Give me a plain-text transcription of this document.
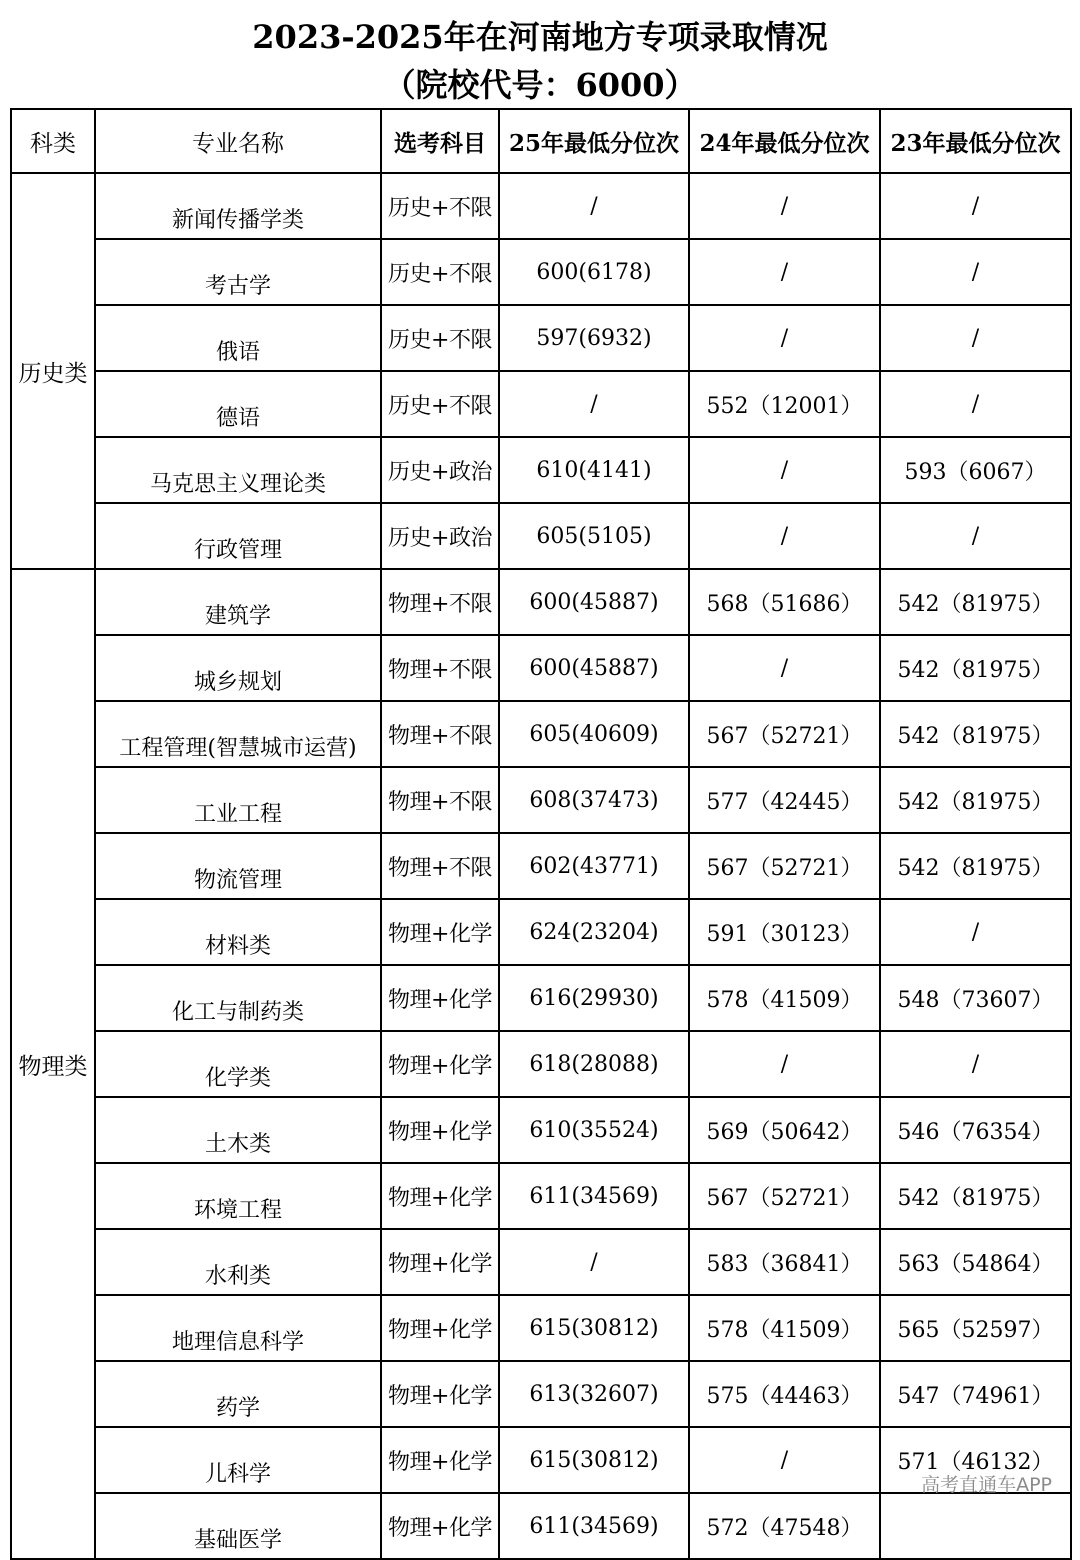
2023-2025年在河南地方专项录取情况
（院校代号：6000）
科类	专业名称	选考科目	25年最低分位次	24年最低分位次	23年最低分位次
历史类	新闻传播学类	历史+不限	/	/	/

	考古学	历史+不限	600(6178)	/	/

	俄语	历史+不限	597(6932)	/	/

	德语	历史+不限	/	552（12001）	/

	马克思主义理论类	历史+政治	610(4141)	/	593（6067）

	行政管理	历史+政治	605(5105)	/	/
物理类	建筑学	物理+不限	600(45887)	568（51686）	542（81975）

	城乡规划	物理+不限	600(45887)	/	542（81975）

	工程管理(智慧城市运营)	物理+不限	605(40609)	567（52721）	542（81975）

	工业工程	物理+不限	608(37473)	577（42445）	542（81975）

	物流管理	物理+不限	602(43771)	567（52721）	542（81975）

	材料类	物理+化学	624(23204)	591（30123）	/

	化工与制药类	物理+化学	616(29930)	578（41509）	548（73607）

	化学类	物理+化学	618(28088)	/	/

	土木类	物理+化学	610(35524)	569（50642）	546（76354）

	环境工程	物理+化学	611(34569)	567（52721）	542（81975）

	水利类	物理+化学	/	583（36841）	563（54864）

	地理信息科学	物理+化学	615(30812)	578（41509）	565（52597）

	药学	物理+化学	613(32607)	575（44463）	547（74961）

	儿科学	物理+化学	615(30812)	/	571（46132）

	基础医学	物理+化学	611(34569)	572（47548）	
高考直通车APP
